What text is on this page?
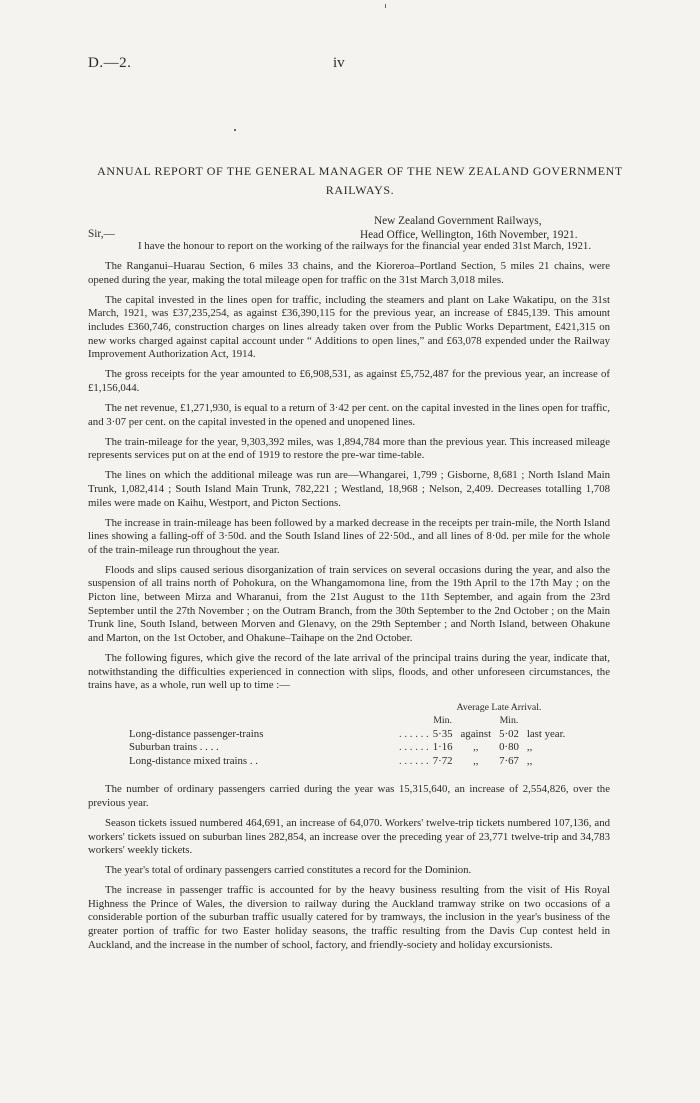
D.—2.	iv
ANNUAL REPORT OF THE GENERAL MANAGER OF THE NEW ZEALAND GOVERNMENT RAILWAYS.
New Zealand Government Railways,
Head Office, Wellington, 16th November, 1921.
Sir,—

I have the honour to report on the working of the railways for the financial year ended 31st March, 1921.

The Ranganui–Huarau Section, 6 miles 33 chains, and the Kioreroa–Portland Section, 5 miles 21 chains, were opened during the year, making the total mileage open for traffic on the 31st March 3,018 miles.

The capital invested in the lines open for traffic, including the steamers and plant on Lake Wakatipu, on the 31st March, 1921, was £37,235,254, as against £36,390,115 for the previous year, an increase of £845,139. This amount includes £360,746, construction charges on lines already taken over from the Public Works Department, £421,315 on new works charged against capital account under “ Additions to open lines,” and £63,078 expended under the Railway Improvement Authorization Act, 1914.

The gross receipts for the year amounted to £6,908,531, as against £5,752,487 for the previous year, an increase of £1,156,044.

The net revenue, £1,271,930, is equal to a return of 3·42 per cent. on the capital invested in the lines open for traffic, and 3·07 per cent. on the capital invested in the opened and unopened lines.

The train-mileage for the year, 9,303,392 miles, was 1,894,784 more than the previous year. This increased mileage represents services put on at the end of 1919 to restore the pre-war time-table.

The lines on which the additional mileage was run are—Whangarei, 1,799 ; Gisborne, 8,681 ; North Island Main Trunk, 1,082,414 ; South Island Main Trunk, 782,221 ; Westland, 18,968 ; Nelson, 2,409. Decreases totalling 1,708 miles were made on Kaihu, Westport, and Picton Sections.

The increase in train-mileage has been followed by a marked decrease in the receipts per train-mile, the North Island lines showing a falling-off of 3·50d. and the South Island lines of 22·50d., and all lines of 8·0d. per mile for the whole of the train-mileage run throughout the year.

Floods and slips caused serious disorganization of train services on several occasions during the year, and also the suspension of all trains north of Pohokura, on the Whangamomona line, from the 19th April to the 17th May ; on the Picton line, between Mirza and Wharanui, from the 21st August to the 11th September, and again from the 23rd September until the 27th November ; on the Outram Branch, from the 30th September to the 2nd October ; on the Main Trunk line, South Island, between Morven and Glenavy, on the 29th September ; and North Island, between Ohakune and Marton, on the 1st October, and Ohakune–Taihape on the 2nd October.

The following figures, which give the record of the late arrival of the principal trains during the year, indicate that, notwithstanding the difficulties experienced in connection with slips, floods, and other unforeseen circumstances, the trains have, as a whole, run well up to time :—

		Average Late Arrival.			
		Min.		Min.	
Long-distance passenger-trains	. . . . . .	5·35	against	5·02	last year.
Suburban trains . . . .	. . . . . .	1·16	,,	0·80	,,
Long-distance mixed trains . .	. . . . . .	7·72	,,	7·67	,,

The number of ordinary passengers carried during the year was 15,315,640, an increase of 2,554,826, over the previous year.

Season tickets issued numbered 464,691, an increase of 64,070. Workers' twelve-trip tickets numbered 107,136, and workers' tickets issued on suburban lines 282,854, an increase over the preceding year of 23,771 twelve-trip and 34,783 workers' weekly tickets.

The year's total of ordinary passengers carried constitutes a record for the Dominion.

The increase in passenger traffic is accounted for by the heavy business resulting from the visit of His Royal Highness the Prince of Wales, the diversion to railway during the Auckland tramway strike on two occasions of a considerable portion of the suburban traffic usually catered for by tramways, the inclusion in the year's business of the greater portion of traffic for two Easter holiday seasons, the traffic resulting from the Davis Cup contest held in Auckland, and the increase in the number of school, factory, and friendly-society and holiday excursionists.
